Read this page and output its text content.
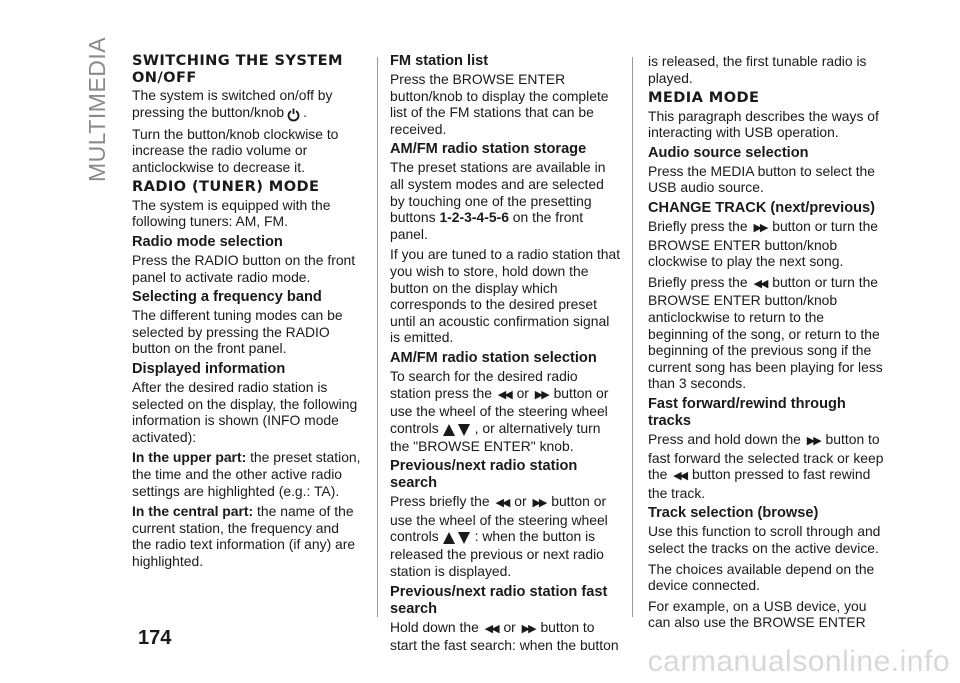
MULTIMEDIA
174
SWITCHING THE SYSTEM ON/OFF

The system is switched on/off by pressing the button/knob .

Turn the button/knob clockwise to increase the radio volume or anticlockwise to decrease it.

RADIO (TUNER) MODE

The system is equipped with the following tuners: AM, FM.

Radio mode selection

Press the RADIO button on the front panel to activate radio mode.

Selecting a frequency band

The different tuning modes can be selected by pressing the RADIO button on the front panel.

Displayed information

After the desired radio station is selected on the display, the following information is shown (INFO mode activated):

In the upper part: the preset station, the time and the other active radio settings are highlighted (e.g.: TA).

In the central part: the name of the current station, the frequency and the radio text information (if any) are highlighted.

FM station list

Press the BROWSE ENTER button/knob to display the complete list of the FM stations that can be received.

AM/FM radio station storage

The preset stations are available in all system modes and are selected by touching one of the presetting buttons 1-2-3-4-5-6 on the front panel.

If you are tuned to a radio station that you wish to store, hold down the button on the display which corresponds to the desired preset until an acoustic confirmation signal is emitted.

AM/FM radio station selection

To search for the desired radio station press the ◀◀ or ▶▶ button or use the wheel of the steering wheel controls	, or alternatively turn the "BROWSE ENTER" knob.

Previous/next radio station search

Press briefly the ◀◀ or ▶▶ button or use the wheel of the steering wheel controls	: when the button is released the previous or next radio station is displayed.

Previous/next radio station fast search

Hold down the ◀◀ or ▶▶ button to start the fast search: when the button

is released, the first tunable radio is played.

MEDIA MODE

This paragraph describes the ways of interacting with USB operation.

Audio source selection

Press the MEDIA button to select the USB audio source.

CHANGE TRACK (next/previous)

Briefly press the ▶▶ button or turn the BROWSE ENTER button/knob clockwise to play the next song.

Briefly press the ◀◀ button or turn the BROWSE ENTER button/knob anticlockwise to return to the beginning of the song, or return to the beginning of the previous song if the current song has been playing for less than 3 seconds.

Fast forward/rewind through tracks

Press and hold down the ▶▶ button to fast forward the selected track or keep the ◀◀ button pressed to fast rewind the track.

Track selection (browse)

Use this function to scroll through and select the tracks on the active device.

The choices available depend on the device connected.

For example, on a USB device, you can also use the BROWSE ENTER

carmanualsonline.info
